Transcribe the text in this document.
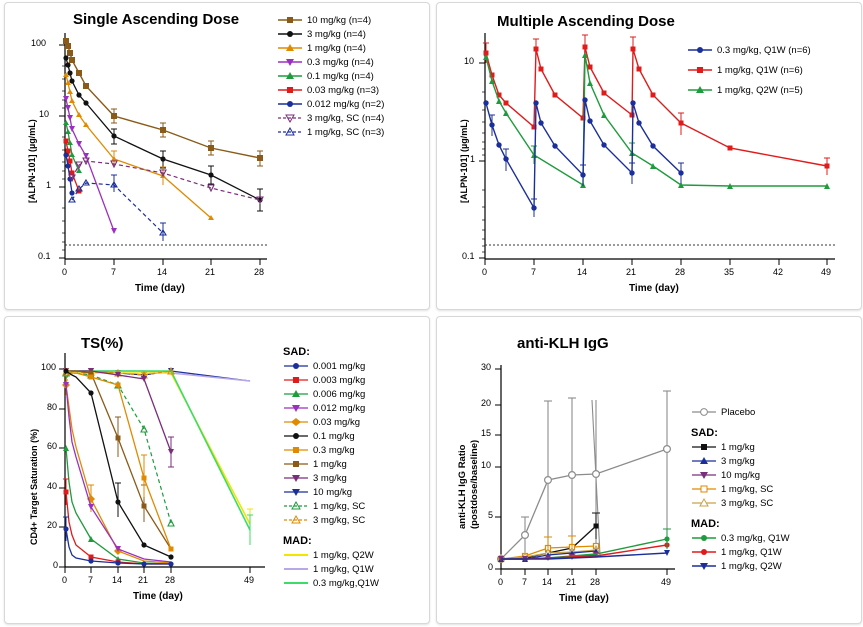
Single Ascending Dose
100
10
1
0.1
0	7	14	21	28
Time (day)
[ALPN-101] (µg/mL)
10 mg/kg (n=4)
3 mg/kg (n=4)
1 mg/kg (n=4)
0.3 mg/kg (n=4)
0.1 mg/kg (n=4)
0.03 mg/kg (n=3)
0.012 mg/kg (n=2)
3 mg/kg, SC (n=4)
1 mg/kg, SC (n=3)
Multiple Ascending Dose
10
1
0.1
0	7	14	21	28	35	42	49
Time (day)
[ALPN-101] (µg/mL)
0.3 mg/kg, Q1W (n=6)
1 mg/kg, Q1W (n=6)
1 mg/kg, Q2W (n=5)
TS(%)
100
80
60
40
20
0
0 7 14 21 28	49
Time (day)
CD4+ Target Saturation (%)
SAD:
0.001 mg/kg
0.003 mg/kg
0.006 mg/kg
0.012 mg/kg
0.03 mg/kg
0.1 mg/kg
0.3 mg/kg
1 mg/kg
3 mg/kg
10 mg/kg
1 mg/kg, SC
3 mg/kg, SC
MAD:
1 mg/kg, Q2W
1 mg/kg, Q1W
0.3 mg/kg,Q1W
anti-KLH IgG
30
20
15
10
5
0
0 7 14 21 28	49
Time (day)
anti-KLH IgG Ratio (postdose/baseline)
Placebo
SAD:
1 mg/kg
3 mg/kg
10 mg/kg
1 mg/kg, SC
3 mg/kg, SC
MAD:
0.3 mg/kg, Q1W
1 mg/kg, Q1W
1 mg/kg, Q2W
